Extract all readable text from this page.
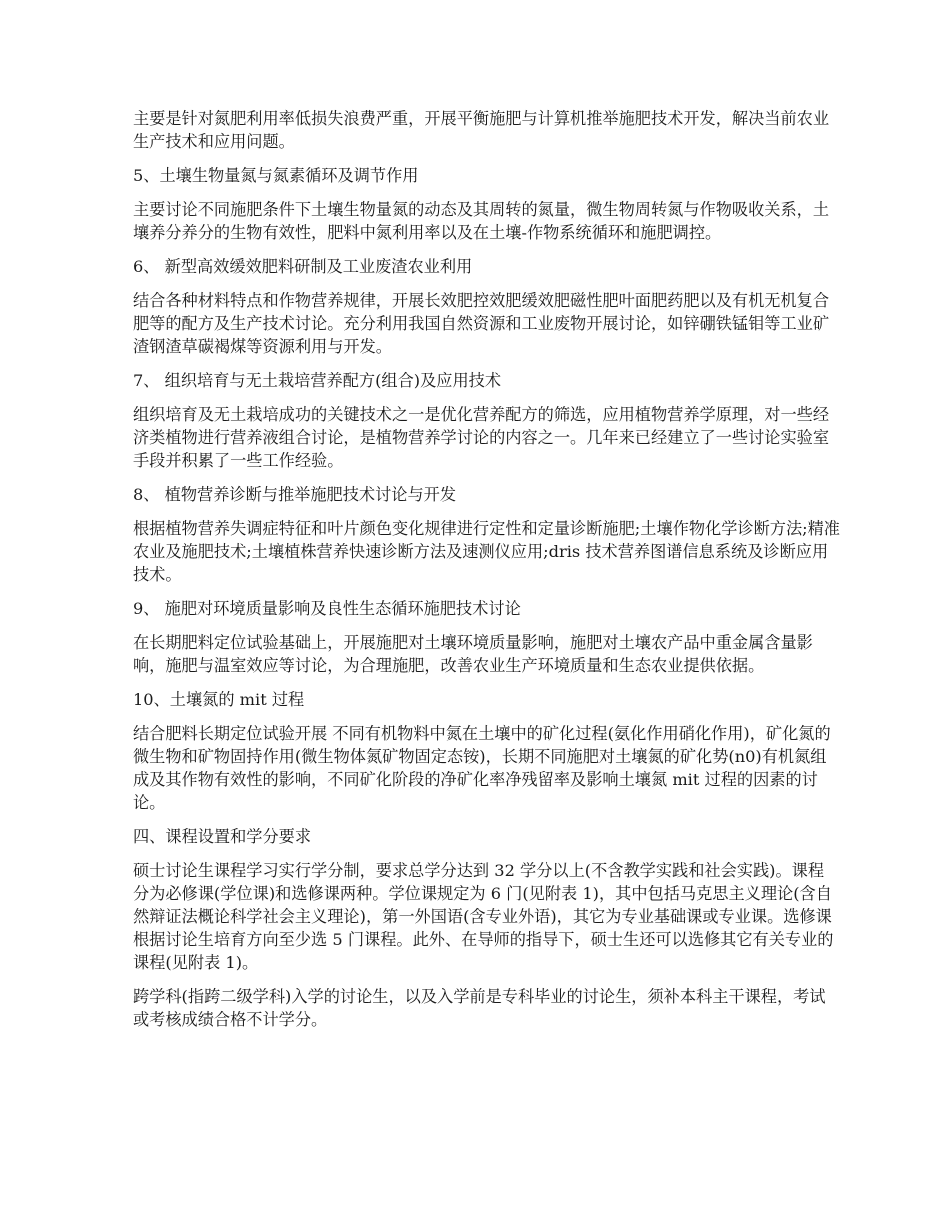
主要是针对氮肥利用率低损失浪费严重，开展平衡施肥与计算机推举施肥技术开发，解决当前农业生产技术和应用问题。

5、土壤生物量氮与氮素循环及调节作用

主要讨论不同施肥条件下土壤生物量氮的动态及其周转的氮量，微生物周转氮与作物吸收关系，土壤养分养分的生物有效性，肥料中氮利用率以及在土壤-作物系统循环和施肥调控。

6、 新型高效缓效肥料研制及工业废渣农业利用

结合各种材料特点和作物营养规律，开展长效肥控效肥缓效肥磁性肥叶面肥药肥以及有机无机复合肥等的配方及生产技术讨论。充分利用我国自然资源和工业废物开展讨论，如锌硼铁锰钼等工业矿渣钢渣草碳褐煤等资源利用与开发。

7、 组织培育与无土栽培营养配方(组合)及应用技术

组织培育及无土栽培成功的关键技术之一是优化营养配方的筛选，应用植物营养学原理，对一些经济类植物进行营养液组合讨论，是植物营养学讨论的内容之一。几年来已经建立了一些讨论实验室手段并积累了一些工作经验。

8、 植物营养诊断与推举施肥技术讨论与开发

根据植物营养失调症特征和叶片颜色变化规律进行定性和定量诊断施肥;土壤作物化学诊断方法;精准农业及施肥技术;土壤植株营养快速诊断方法及速测仪应用;dris 技术营养图谱信息系统及诊断应用技术。

9、 施肥对环境质量影响及良性生态循环施肥技术讨论

在长期肥料定位试验基础上，开展施肥对土壤环境质量影响，施肥对土壤农产品中重金属含量影响，施肥与温室效应等讨论，为合理施肥，改善农业生产环境质量和生态农业提供依据。

10、土壤氮的 mit 过程

结合肥料长期定位试验开展 不同有机物料中氮在土壤中的矿化过程(氨化作用硝化作用)，矿化氮的微生物和矿物固持作用(微生物体氮矿物固定态铵)，长期不同施肥对土壤氮的矿化势(n0)有机氮组成及其作物有效性的影响，不同矿化阶段的净矿化率净残留率及影响土壤氮 mit 过程的因素的讨论。

四、课程设置和学分要求

硕士讨论生课程学习实行学分制，要求总学分达到 32 学分以上(不含教学实践和社会实践)。课程分为必修课(学位课)和选修课两种。学位课规定为 6 门(见附表 1)，其中包括马克思主义理论(含自然辩证法概论科学社会主义理论)，第一外国语(含专业外语)，其它为专业基础课或专业课。选修课根据讨论生培育方向至少选 5 门课程。此外、在导师的指导下，硕士生还可以选修其它有关专业的课程(见附表 1)。

跨学科(指跨二级学科)入学的讨论生，以及入学前是专科毕业的讨论生，须补本科主干课程，考试或考核成绩合格不计学分。
